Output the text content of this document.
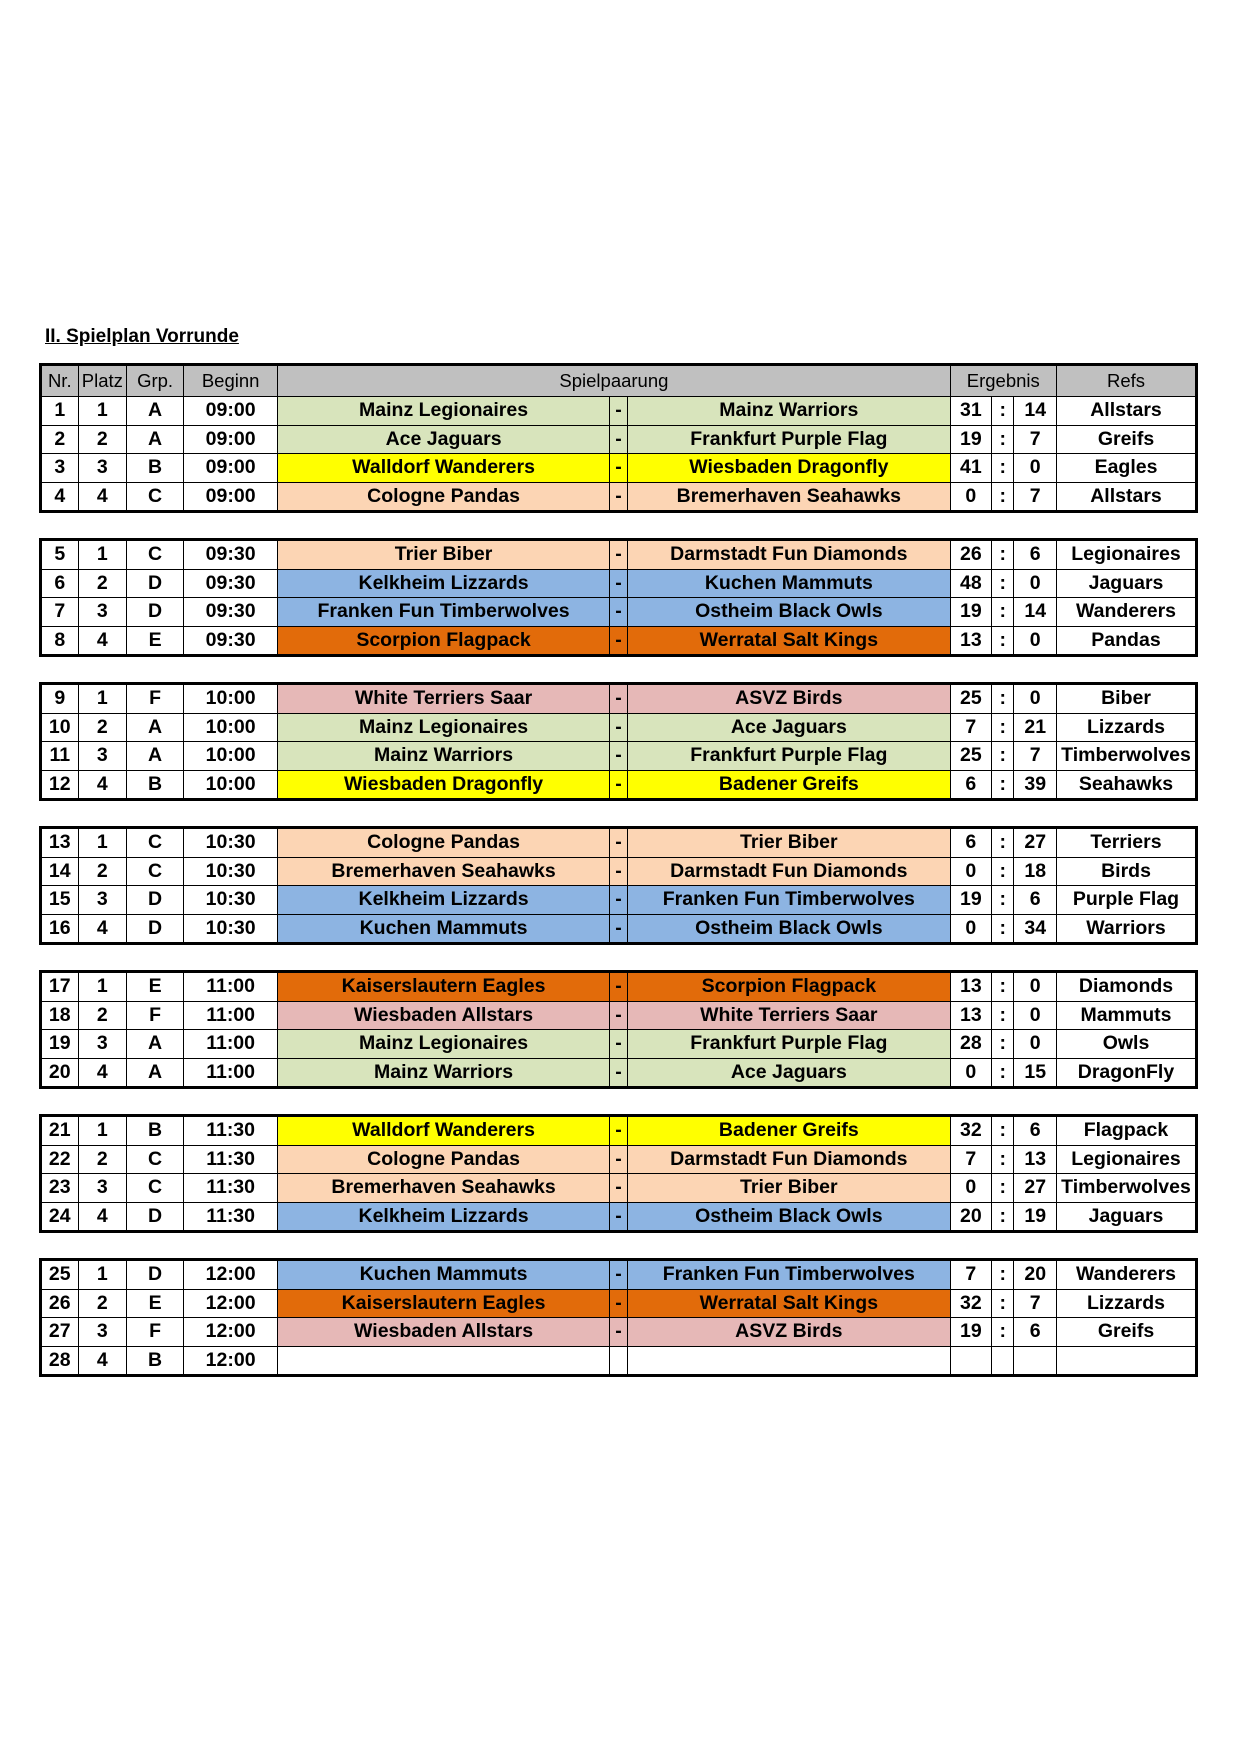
II. Spielplan Vorrunde
Nr.	Platz	Grp.	Beginn	Spielpaarung			Ergebnis			Refs
1	1	A	09:00	Mainz Legionaires	-	Mainz Warriors	31	:	14	Allstars
2	2	A	09:00	Ace Jaguars	-	Frankfurt Purple Flag	19	:	7	Greifs
3	3	B	09:00	Walldorf Wanderers	-	Wiesbaden Dragonfly	41	:	0	Eagles
4	4	C	09:00	Cologne Pandas	-	Bremerhaven Seahawks	0	:	7	Allstars
5	1	C	09:30	Trier Biber	-	Darmstadt Fun Diamonds	26	:	6	Legionaires
6	2	D	09:30	Kelkheim Lizzards	-	Kuchen Mammuts	48	:	0	Jaguars
7	3	D	09:30	Franken Fun Timberwolves	-	Ostheim Black Owls	19	:	14	Wanderers
8	4	E	09:30	Scorpion Flagpack	-	Werratal Salt Kings	13	:	0	Pandas
9	1	F	10:00	White Terriers Saar	-	ASVZ Birds	25	:	0	Biber
10	2	A	10:00	Mainz Legionaires	-	Ace Jaguars	7	:	21	Lizzards
11	3	A	10:00	Mainz Warriors	-	Frankfurt Purple Flag	25	:	7	Timberwolves
12	4	B	10:00	Wiesbaden Dragonfly	-	Badener Greifs	6	:	39	Seahawks
13	1	C	10:30	Cologne Pandas	-	Trier Biber	6	:	27	Terriers
14	2	C	10:30	Bremerhaven Seahawks	-	Darmstadt Fun Diamonds	0	:	18	Birds
15	3	D	10:30	Kelkheim Lizzards	-	Franken Fun Timberwolves	19	:	6	Purple Flag
16	4	D	10:30	Kuchen Mammuts	-	Ostheim Black Owls	0	:	34	Warriors
17	1	E	11:00	Kaiserslautern Eagles	-	Scorpion Flagpack	13	:	0	Diamonds
18	2	F	11:00	Wiesbaden Allstars	-	White Terriers Saar	13	:	0	Mammuts
19	3	A	11:00	Mainz Legionaires	-	Frankfurt Purple Flag	28	:	0	Owls
20	4	A	11:00	Mainz Warriors	-	Ace Jaguars	0	:	15	DragonFly
21	1	B	11:30	Walldorf Wanderers	-	Badener Greifs	32	:	6	Flagpack
22	2	C	11:30	Cologne Pandas	-	Darmstadt Fun Diamonds	7	:	13	Legionaires
23	3	C	11:30	Bremerhaven Seahawks	-	Trier Biber	0	:	27	Timberwolves
24	4	D	11:30	Kelkheim Lizzards	-	Ostheim Black Owls	20	:	19	Jaguars
25	1	D	12:00	Kuchen Mammuts	-	Franken Fun Timberwolves	7	:	20	Wanderers
26	2	E	12:00	Kaiserslautern Eagles	-	Werratal Salt Kings	32	:	7	Lizzards
27	3	F	12:00	Wiesbaden Allstars	-	ASVZ Birds	19	:	6	Greifs
28	4	B	12:00							
